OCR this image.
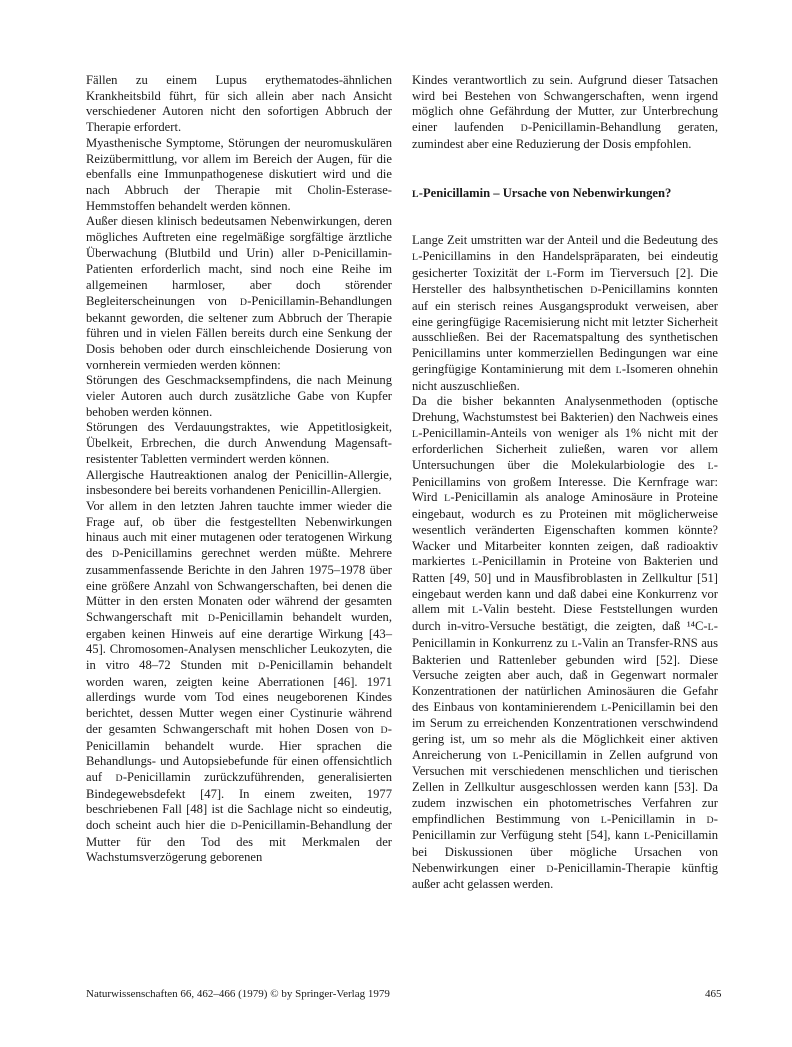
Fällen zu einem Lupus erythematodes-ähnlichen Krankheitsbild führt, für sich allein aber nach Ansicht verschiedener Autoren nicht den sofortigen Abbruch der Therapie erfordert.

Myasthenische Symptome, Störungen der neuromuskulären Reizübermittlung, vor allem im Bereich der Augen, für die ebenfalls eine Immunpathogenese diskutiert wird und die nach Abbruch der Therapie mit Cholin-Esterase-Hemmstoffen behandelt werden können.

Außer diesen klinisch bedeutsamen Nebenwirkungen, deren mögliches Auftreten eine regelmäßige sorgfältige ärztliche Überwachung (Blutbild und Urin) aller D-Penicillamin-Patienten erforderlich macht, sind noch eine Reihe im allgemeinen harmloser, aber doch störender Begleiterscheinungen von D-Penicillamin-Behandlungen bekannt geworden, die seltener zum Abbruch der Therapie führen und in vielen Fällen bereits durch eine Senkung der Dosis behoben oder durch einschleichende Dosierung von vornherein vermieden werden können:

Störungen des Geschmacksempfindens, die nach Meinung vieler Autoren auch durch zusätzliche Gabe von Kupfer behoben werden können.

Störungen des Verdauungstraktes, wie Appetitlosigkeit, Übelkeit, Erbrechen, die durch Anwendung Magensaft-resistenter Tabletten vermindert werden können.

Allergische Hautreaktionen analog der Penicillin-Allergie, insbesondere bei bereits vorhandenen Penicillin-Allergien.

Vor allem in den letzten Jahren tauchte immer wieder die Frage auf, ob über die festgestellten Nebenwirkungen hinaus auch mit einer mutagenen oder teratogenen Wirkung des D-Penicillamins gerechnet werden müßte. Mehrere zusammenfassende Berichte in den Jahren 1975–1978 über eine größere Anzahl von Schwangerschaften, bei denen die Mütter in den ersten Monaten oder während der gesamten Schwangerschaft mit D-Penicillamin behandelt wurden, ergaben keinen Hinweis auf eine derartige Wirkung [43–45]. Chromosomen-Analysen menschlicher Leukozyten, die in vitro 48–72 Stunden mit D-Penicillamin behandelt worden waren, zeigten keine Aberrationen [46]. 1971 allerdings wurde vom Tod eines neugeborenen Kindes berichtet, dessen Mutter wegen einer Cystinurie während der gesamten Schwangerschaft mit hohen Dosen von D-Penicillamin behandelt wurde. Hier sprachen die Behandlungs- und Autopsiebefunde für einen offensichtlich auf D-Penicillamin zurückzuführenden, generalisierten Bindegewebsdefekt [47]. In einem zweiten, 1977 beschriebenen Fall [48] ist die Sachlage nicht so eindeutig, doch scheint auch hier die D-Penicillamin-Behandlung der Mutter für den Tod des mit Merkmalen der Wachstumsverzögerung geborenen

Kindes verantwortlich zu sein. Aufgrund dieser Tatsachen wird bei Bestehen von Schwangerschaften, wenn irgend möglich ohne Gefährdung der Mutter, zur Unterbrechung einer laufenden D-Penicillamin-Behandlung geraten, zumindest aber eine Reduzierung der Dosis empfohlen.

L-Penicillamin – Ursache von Nebenwirkungen?

Lange Zeit umstritten war der Anteil und die Bedeutung des L-Penicillamins in den Handelspräparaten, bei eindeutig gesicherter Toxizität der L-Form im Tierversuch [2]. Die Hersteller des halbsynthetischen D-Penicillamins konnten auf ein sterisch reines Ausgangsprodukt verweisen, aber eine geringfügige Racemisierung nicht mit letzter Sicherheit ausschließen. Bei der Racematspaltung des synthetischen Penicillamins unter kommerziellen Bedingungen war eine geringfügige Kontaminierung mit dem L-Isomeren ohnehin nicht auszuschließen.

Da die bisher bekannten Analysenmethoden (optische Drehung, Wachstumstest bei Bakterien) den Nachweis eines L-Penicillamin-Anteils von weniger als 1% nicht mit der erforderlichen Sicherheit zuließen, waren vor allem Untersuchungen über die Molekularbiologie des L-Penicillamins von großem Interesse. Die Kernfrage war: Wird L-Penicillamin als analoge Aminosäure in Proteine eingebaut, wodurch es zu Proteinen mit möglicherweise wesentlich veränderten Eigenschaften kommen könnte? Wacker und Mitarbeiter konnten zeigen, daß radioaktiv markiertes L-Penicillamin in Proteine von Bakterien und Ratten [49, 50] und in Mausfibroblasten in Zellkultur [51] eingebaut werden kann und daß dabei eine Konkurrenz vor allem mit L-Valin besteht. Diese Feststellungen wurden durch in-vitro-Versuche bestätigt, die zeigten, daß ¹⁴C-L-Penicillamin in Konkurrenz zu L-Valin an Transfer-RNS aus Bakterien und Rattenleber gebunden wird [52]. Diese Versuche zeigten aber auch, daß in Gegenwart normaler Konzentrationen der natürlichen Aminosäuren die Gefahr des Einbaus von kontaminierendem L-Penicillamin bei den im Serum zu erreichenden Konzentrationen verschwindend gering ist, um so mehr als die Möglichkeit einer aktiven Anreicherung von L-Penicillamin in Zellen aufgrund von Versuchen mit verschiedenen menschlichen und tierischen Zellen in Zellkultur ausgeschlossen werden kann [53]. Da zudem inzwischen ein photometrisches Verfahren zur empfindlichen Bestimmung von L-Penicillamin in D-Penicillamin zur Verfügung steht [54], kann L-Penicillamin bei Diskussionen über mögliche Ursachen von Nebenwirkungen einer D-Penicillamin-Therapie künftig außer acht gelassen werden.

Naturwissenschaften 66, 462–466 (1979) © by Springer-Verlag 1979	465
